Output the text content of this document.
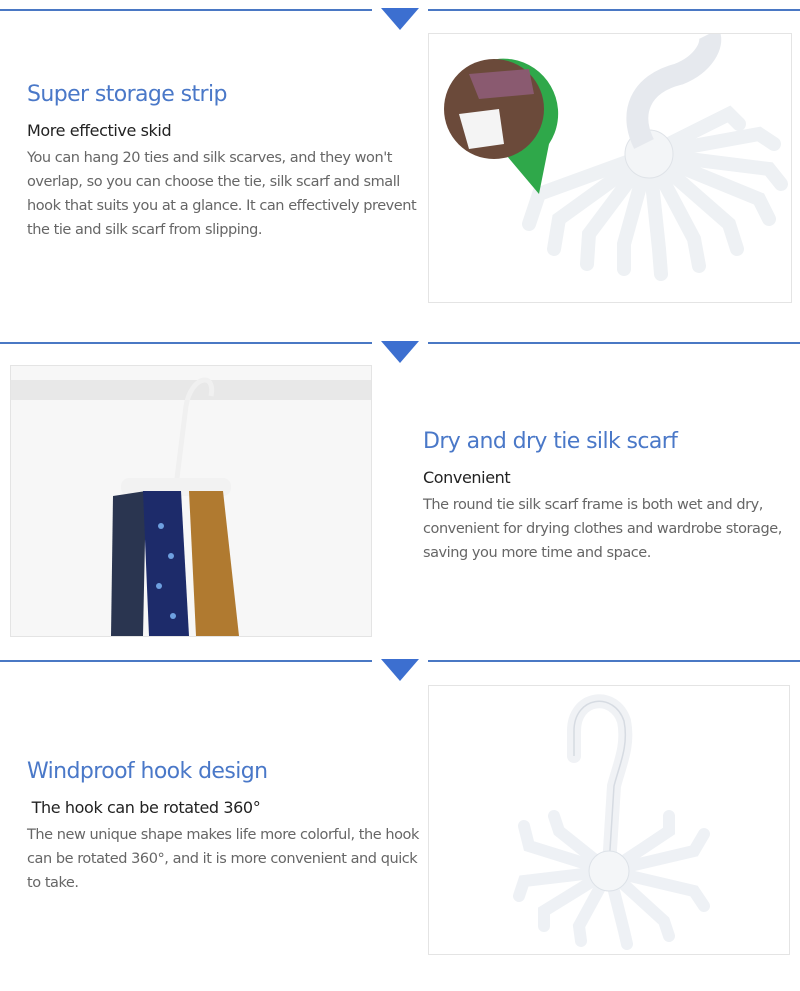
Super storage strip
More effective skid
You can hang 20 ties and silk scarves, and they won't overlap, so you can choose the tie, silk scarf and small hook that suits you at a glance. It can effectively prevent the tie and silk scarf from slipping.
Dry and dry tie silk scarf
Convenient
The round tie silk scarf frame is both wet and dry, convenient for drying clothes and wardrobe storage, saving you more time and space.
Windproof hook design
The hook can be rotated 360°
The new unique shape makes life more colorful, the hook can be rotated 360°, and it is more convenient and quick to take.
